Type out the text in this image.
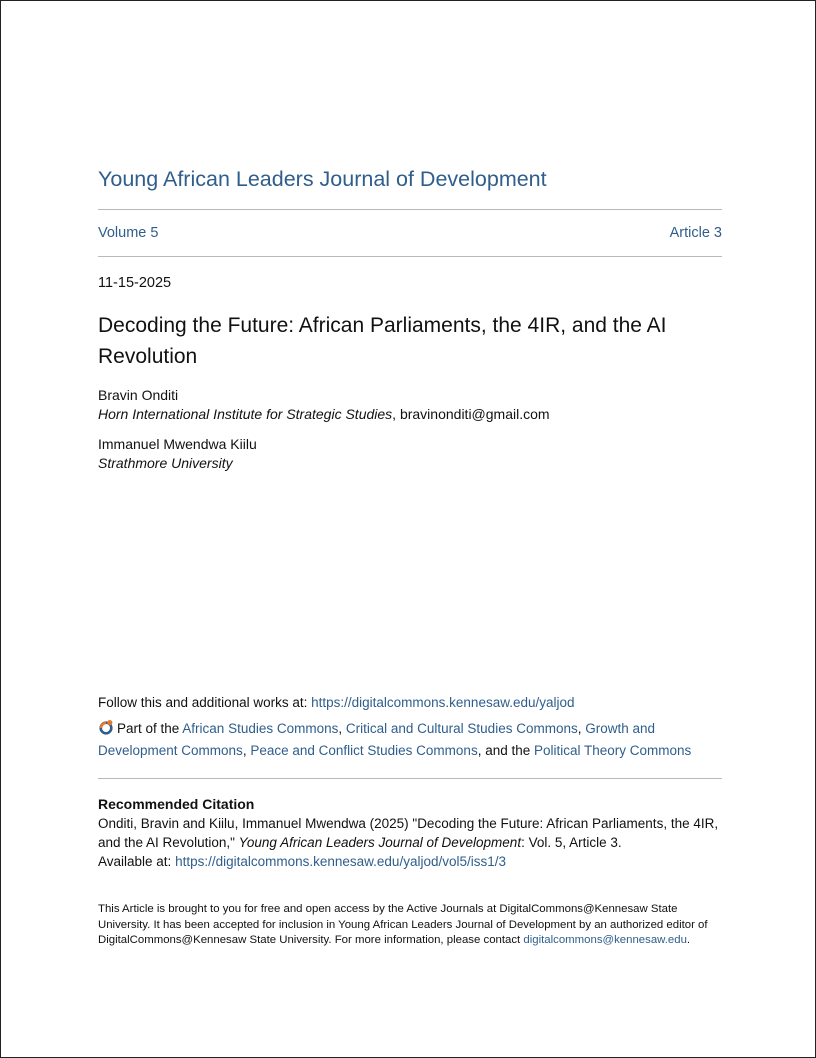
Young African Leaders Journal of Development
Volume 5	Article 3
11-15-2025
Decoding the Future: African Parliaments, the 4IR, and the AI Revolution
Bravin Onditi
Horn International Institute for Strategic Studies, bravinonditi@gmail.com
Immanuel Mwendwa Kiilu
Strathmore University
Follow this and additional works at: https://digitalcommons.kennesaw.edu/yaljod
Part of the African Studies Commons, Critical and Cultural Studies Commons, Growth and Development Commons, Peace and Conflict Studies Commons, and the Political Theory Commons
Recommended Citation
Onditi, Bravin and Kiilu, Immanuel Mwendwa (2025) "Decoding the Future: African Parliaments, the 4IR, and the AI Revolution," Young African Leaders Journal of Development: Vol. 5, Article 3.
Available at: https://digitalcommons.kennesaw.edu/yaljod/vol5/iss1/3
This Article is brought to you for free and open access by the Active Journals at DigitalCommons@Kennesaw State University. It has been accepted for inclusion in Young African Leaders Journal of Development by an authorized editor of DigitalCommons@Kennesaw State University. For more information, please contact digitalcommons@kennesaw.edu.
